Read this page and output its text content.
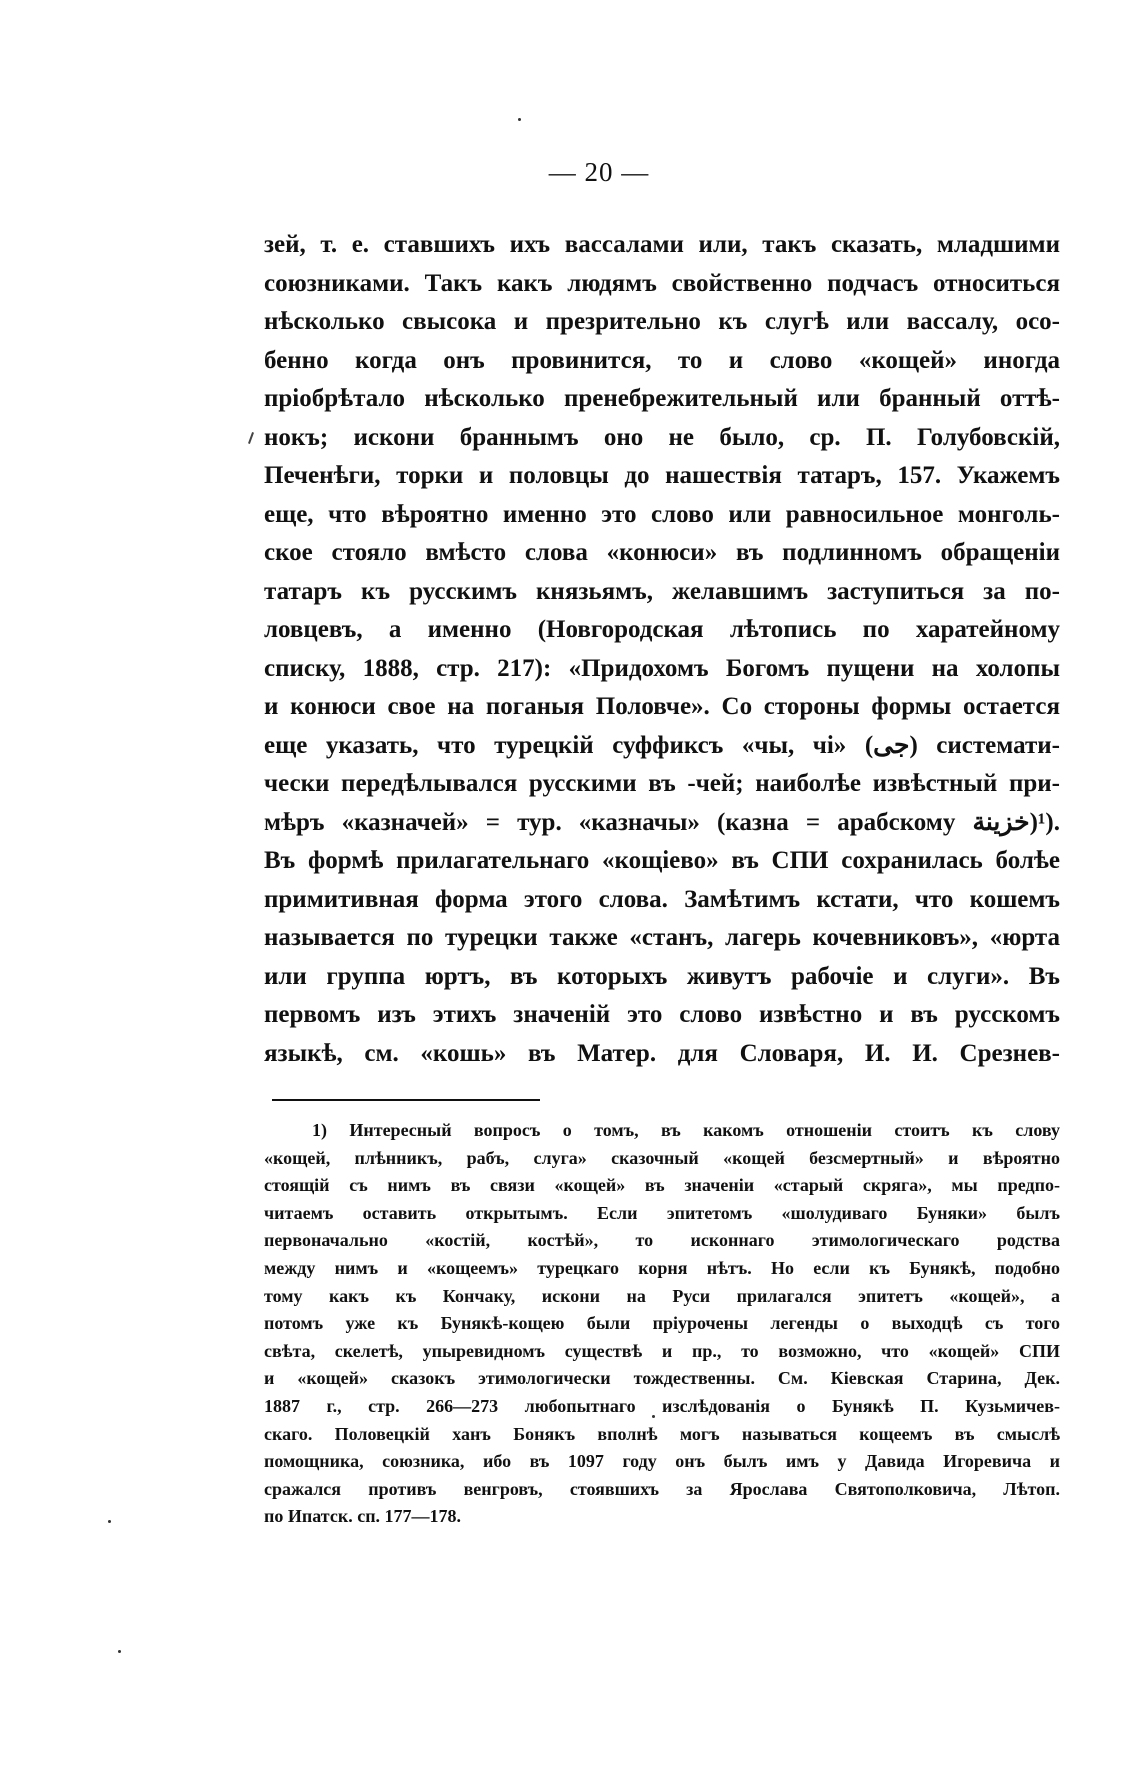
— 20 —
зей, т. е. ставшихъ ихъ вассалами или, такъ сказать, младшими
союзниками. Такъ какъ людямъ свойственно подчасъ относиться
нѣсколько свысока и презрительно къ слугѣ или вассалу, осо-
бенно когда онъ провинится, то и слово «кощей» иногда
пріобрѣтало нѣсколько пренебрежительный или бранный оттѣ-
нокъ; искони браннымъ оно не было, ср. П. Голубовскій,
Печенѣги, торки и половцы до нашествія татаръ, 157. Укажемъ
еще, что вѣроятно именно это слово или равносильное монголь-
ское стояло вмѣсто слова «конюси» въ подлинномъ обращеніи
татаръ къ русскимъ князьямъ, желавшимъ заступиться за по-
ловцевъ, а именно (Новгородская лѣтопись по харатейному
списку, 1888, стр. 217): «Придохомъ Богомъ пущени на холопы
и конюси свое на поганыя Половче». Со стороны формы остается
еще указать, что турецкій суффиксъ «чы, чі» (جى) системати-
чески передѣлывался русскими въ -чей; наиболѣе извѣстный при-
мѣръ «казначей» = тур. «казначы» (казна = арабскому خزينة)¹).
Въ формѣ прилагательнаго «кощіево» въ СПИ сохранилась болѣе
примитивная форма этого слова. Замѣтимъ кстати, что кошемъ
называется по турецки также «станъ, лагерь кочевниковъ», «юрта
или группа юртъ, въ которыхъ живутъ рабочіе и слуги». Въ
первомъ изъ этихъ значеній это слово извѣстно и въ русскомъ
языкѣ, см. «кошь» въ Матер. для Словаря, И. И. Срезнев-
1) Интересный вопросъ о томъ, въ какомъ отношеніи стоитъ къ слову
«кощей, плѣнникъ, рабъ, слуга» сказочный «кощей безсмертный» и вѣроятно
стоящій съ нимъ въ связи «кощей» въ значеніи «старый скряга», мы предпо-
читаемъ оставить открытымъ. Если эпитетомъ «шолудиваго Буняки» былъ
первоначально «костій, костѣй», то исконнаго этимологическаго родства
между нимъ и «кощеемъ» турецкаго корня нѣтъ. Но если къ Бунякѣ, подобно
тому какъ къ Кончаку, искони на Руси прилагался эпитетъ «кощей», а
потомъ уже къ Бунякѣ-кощею были пріурочены легенды о выходцѣ съ того
свѣта, скелетѣ, упыревидномъ существѣ и пр., то возможно, что «кощей» СПИ
и «кощей» сказокъ этимологически тождественны. См. Кіевская Старина, Дек.
1887 г., стр. 266—273 любопытнаго изслѣдованія о Бунякѣ П. Кузьмичев-
скаго. Половецкій ханъ Бонякъ вполнѣ могъ называться кощеемъ въ смыслѣ
помощника, союзника, ибо въ 1097 году онъ былъ имъ у Давида Игоревича и
сражался противъ венгровъ, стоявшихъ за Ярослава Святополковича, Лѣтоп.
по Ипатск. сп. 177—178.
